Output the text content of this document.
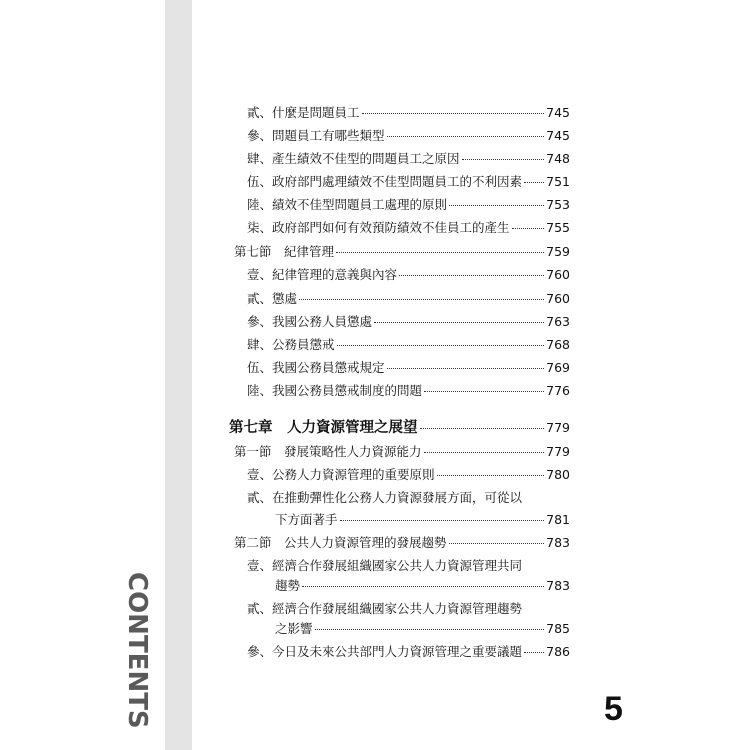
CONTENTS
貳、什麼是問題員工	745
參、問題員工有哪些類型	745
肆、產生績效不佳型的問題員工之原因	748
伍、政府部門處理績效不佳型問題員工的不利因素 751
陸、績效不佳型問題員工處理的原則	753
柒、政府部門如何有效預防績效不佳員工的產生	755
第七節　紀律管理	759
壹、紀律管理的意義與內容	760
貳、懲處	760
參、我國公務人員懲處	763
肆、公務員懲戒	768
伍、我國公務員懲戒規定	769
陸、我國公務員懲戒制度的問題	776
第七章　人力資源管理之展望	779
第一節　發展策略性人力資源能力	779
壹、公務人力資源管理的重要原則	780
貳、在推動彈性化公務人力資源發展方面，可從以
下方面著手	781
第二節　公共人力資源管理的發展趨勢	783
壹、經濟合作發展組織國家公共人力資源管理共同
趨勢	783
貳、經濟合作發展組織國家公共人力資源管理趨勢
之影響	785
參、今日及未來公共部門人力資源管理之重要議題 786
5
